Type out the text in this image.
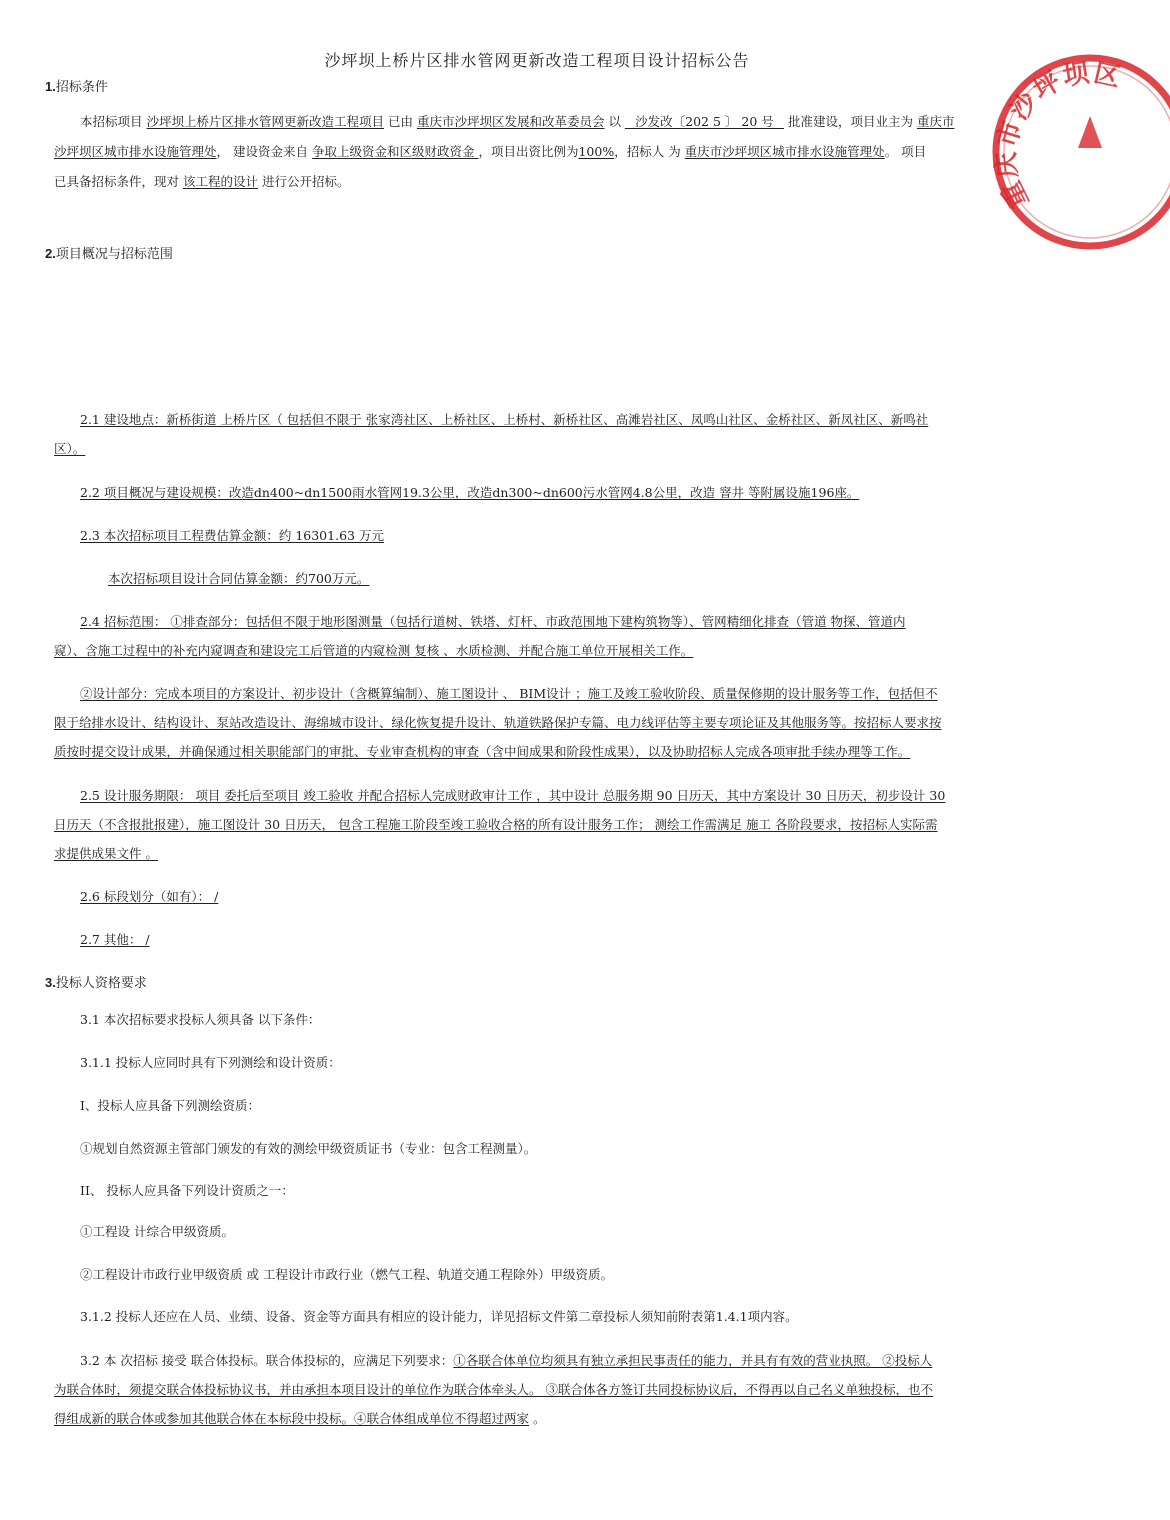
沙坪坝上桥片区排水管网更新改造工程项目设计招标公告
1.招标条件
本招标项目 沙坪坝上桥片区排水管网更新改造工程项目 已由 重庆市沙坪坝区发展和改革委员会 以 _ 沙发改〔202 5 〕 20 号 _ 批准建设，项目业主为 重庆市
沙坪坝区城市排水设施管理处， 建设资金来自 争取上级资金和区级财政资金 ，项目出资比例为100%，招标人 为 重庆市沙坪坝区城市排水设施管理处。 项目
已具备招标条件，现对 该工程的设计 进行公开招标。
2.项目概况与招标范围
2.1 建设地点：新桥街道 上桥片区（ 包括但不限于 张家湾社区、上桥社区、上桥村、新桥社区、高滩岩社区、凤鸣山社区、金桥社区、新凤社区、新鸣社
区）。
2.2 项目概况与建设规模：改造dn400~dn1500雨水管网19.3公里，改造dn300~dn600污水管网4.8公里，改造 窨井 等附属设施196座。
2.3 本次招标项目工程费估算金额：约 16301.63 万元
本次招标项目设计合同估算金额：约700万元。
2.4 招标范围： ①排查部分：包括但不限于地形图测量（包括行道树、铁塔、灯杆、市政范围地下建构筑物等）、管网精细化排查（管道 物探、管道内
窥）、含施工过程中的补充内窥调查和建设完工后管道的内窥检测 复核 、水质检测、并配合施工单位开展相关工作。
②设计部分：完成本项目的方案设计、初步设计（含概算编制）、施工图设计 、 BIM设计 ；施工及竣工验收阶段、质量保修期的设计服务等工作，包括但不
限于给排水设计、结构设计、泵站改造设计、海绵城市设计、绿化恢复提升设计、轨道铁路保护专篇、电力线评估等主要专项论证及其他服务等。按招标人要求按
质按时提交设计成果，并确保通过相关职能部门的审批、专业审查机构的审查（含中间成果和阶段性成果），以及协助招标人完成各项审批手续办理等工作。
2.5 设计服务期限： 项目 委托后至项目 竣工验收 并配合招标人完成财政审计工作 ，其中设计 总服务期 90 日历天，其中方案设计 30 日历天，初步设计 30
日历天（不含报批报建），施工图设计 30 日历天， 包含工程施工阶段至竣工验收合格的所有设计服务工作； 测绘工作需满足 施工 各阶段要求，按招标人实际需
求提供成果文件 。
2.6 标段划分（如有）： /
2.7 其他： /
3.投标人资格要求
3.1 本次招标要求投标人须具备 以下条件：
3.1.1 投标人应同时具有下列测绘和设计资质：
I、投标人应具备下列测绘资质：
①规划自然资源主管部门颁发的有效的测绘甲级资质证书（专业：包含工程测量）。
II、 投标人应具备下列设计资质之一：
①工程设 计综合甲级资质。
②工程设计市政行业甲级资质 或 工程设计市政行业（燃气工程、轨道交通工程除外）甲级资质。
3.1.2 投标人还应在人员、业绩、设备、资金等方面具有相应的设计能力，详见招标文件第二章投标人须知前附表第1.4.1项内容。
3.2 本 次招标 接受 联合体投标。联合体投标的，应满足下列要求：①各联合体单位均须具有独立承担民事责任的能力，并具有有效的营业执照。 ②投标人
为联合体时，须提交联合体投标协议书，并由承担本项目设计的单位作为联合体牵头人。 ③联合体各方签订共同投标协议后，不得再以自己名义单独投标，也不
得组成新的联合体或参加其他联合体在本标段中投标。④联合体组成单位不得超过两家 。
重庆市沙坪坝区
